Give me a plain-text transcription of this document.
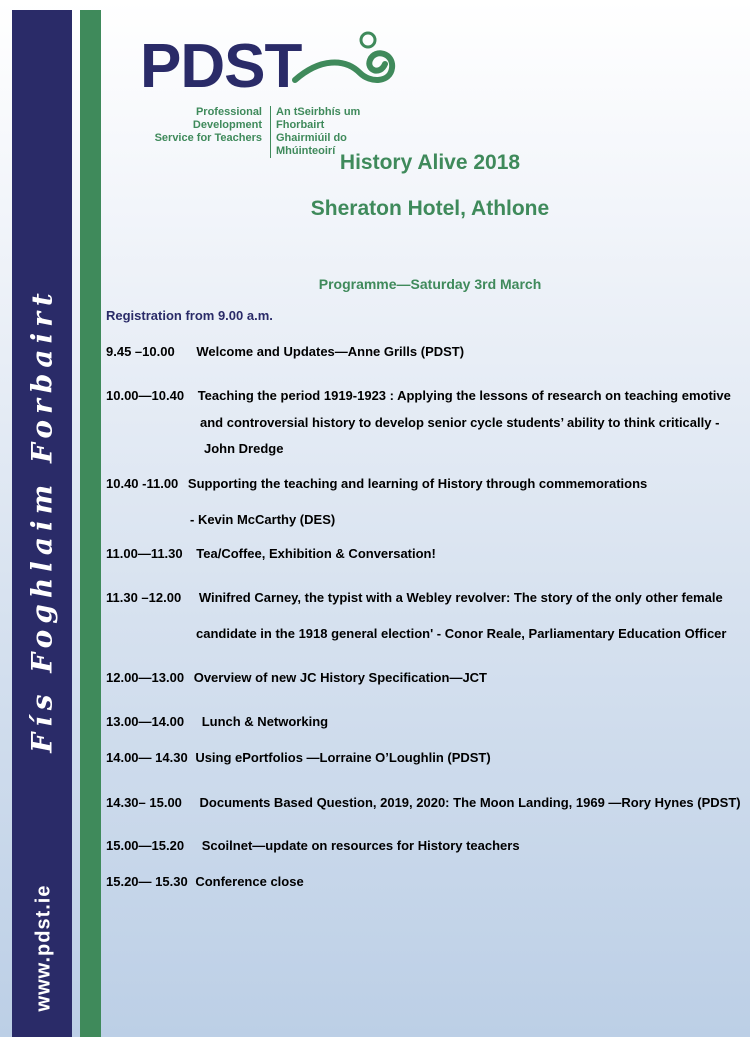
Fís Foghlaim Forbairt
www.pdst.ie
PDST
Professional Development
Service for Teachers
An tSeirbhís um Fhorbairt
Ghairmiúil do Mhúinteoirí History Alive 2018
Sheraton Hotel, Athlone
Programme—Saturday 3rd March
Registration from 9.00 a.m.
9.45 –10.00 Welcome and Updates—Anne Grills (PDST)
10.00—10.40 Teaching the period 1919-1923 : Applying the lessons of research on teaching emotive
and controversial history to develop senior cycle students’ ability to think critically -
John Dredge
10.40 -11.00 Supporting the teaching and learning of History through commemorations
- Kevin McCarthy (DES)
11.00—11.30 Tea/Coffee, Exhibition & Conversation!
11.30 –12.00 Winifred Carney, the typist with a Webley revolver: The story of the only other female
candidate in the 1918 general election' - Conor Reale, Parliamentary Education Officer
12.00—13.00 Overview of new JC History Specification—JCT
13.00—14.00 Lunch & Networking
14.00— 14.30 Using ePortfolios —Lorraine O’Loughlin (PDST)
14.30– 15.00 Documents Based Question, 2019, 2020: The Moon Landing, 1969 —Rory Hynes (PDST)
15.00—15.20 Scoilnet—update on resources for History teachers
15.20— 15.30 Conference close
